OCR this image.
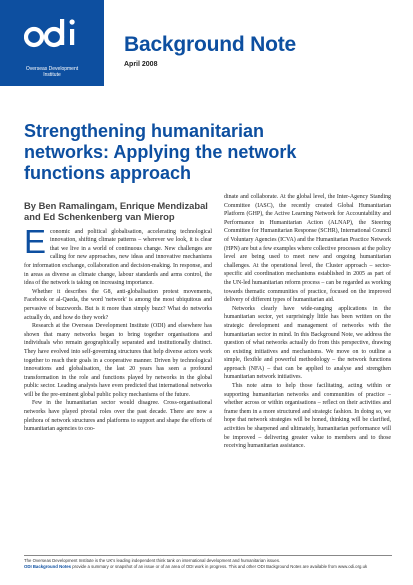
Overseas Development
Institute
Background Note
April 2008
Strengthening humanitarian networks: Applying the network functions approach

By Ben Ramalingam, Enrique Mendizabal and Ed Schenkenberg van Mierop

Economic and political globalisation, accelerating technological innovation, shifting climate patterns – wherever we look, it is clear that we live in a world of continuous change. New challenges are calling for new approaches, new ideas and innovative mechanisms for information exchange, collaboration and decision-making. In response, and in areas as diverse as climate change, labour standards and arms control, the idea of the network is taking on increasing importance.

Whether it describes the G8, anti-globalisation protest movements, Facebook or al-Qaeda, the word 'network' is among the most ubiquitous and pervasive of buzzwords. But is it more than simply buzz? What do networks actually do, and how do they work?

Research at the Overseas Development Institute (ODI) and elsewhere has shown that many networks began to bring together organisations and individuals who remain geographically separated and institutionally distinct. They have evolved into self-governing structures that help diverse actors work together to reach their goals in a cooperative manner. Driven by technological innovations and globalisation, the last 20 years has seen a profound transformation in the role and functions played by networks in the global public sector. Leading analysts have even predicted that international networks will be the pre-eminent global public policy mechanisms of the future.

Few in the humanitarian sector would disagree. Cross-organisational networks have played pivotal roles over the past decade. There are now a plethora of network structures and platforms to support and shape the efforts of humanitarian agencies to coo-

dinate and collaborate. At the global level, the Inter-Agency Standing Committee (IASC), the recently created Global Humanitarian Platform (GHP), the Active Learning Network for Accountability and Performance in Humanitarian Action (ALNAP), the Steering Committee for Humanitarian Response (SCHR), International Council of Voluntary Agencies (ICVA) and the Humanitarian Practice Network (HPN) are but a few examples where collective processes at the policy level are being used to meet new and ongoing humanitarian challenges. At the operational level, the Cluster approach – sector-specific aid coordination mechanisms established in 2005 as part of the UN-led humanitarian reform process – can be regarded as working towards thematic communities of practice, focused on the improved delivery of different types of humanitarian aid.

Networks clearly have wide-ranging applications in the humanitarian sector, yet surprisingly little has been written on the strategic development and management of networks with the humanitarian sector in mind. In this Background Note, we address the question of what networks actually do from this perspective, drawing on existing initiatives and mechanisms. We move on to outline a simple, flexible and powerful methodology – the network functions approach (NFA) – that can be applied to analyse and strengthen humanitarian network initiatives.

This note aims to help those facilitating, acting within or supporting humanitarian networks and communities of practice – whether across or within organisations – reflect on their activities and frame them in a more structured and strategic fashion. In doing so, we hope that network strategies will be honed, thinking will be clarified, activities be sharpened and ultimately, humanitarian performance will be improved – delivering greater value to members and to those receiving humanitarian assistance.

The Overseas Development Institute is the UK's leading independent think tank on international development and humanitarian issues.

ODI Background Notes provide a summary or snapshot of an issue or of an area of ODI work in progress. This and other ODI Background Notes are available from www.odi.org.uk
